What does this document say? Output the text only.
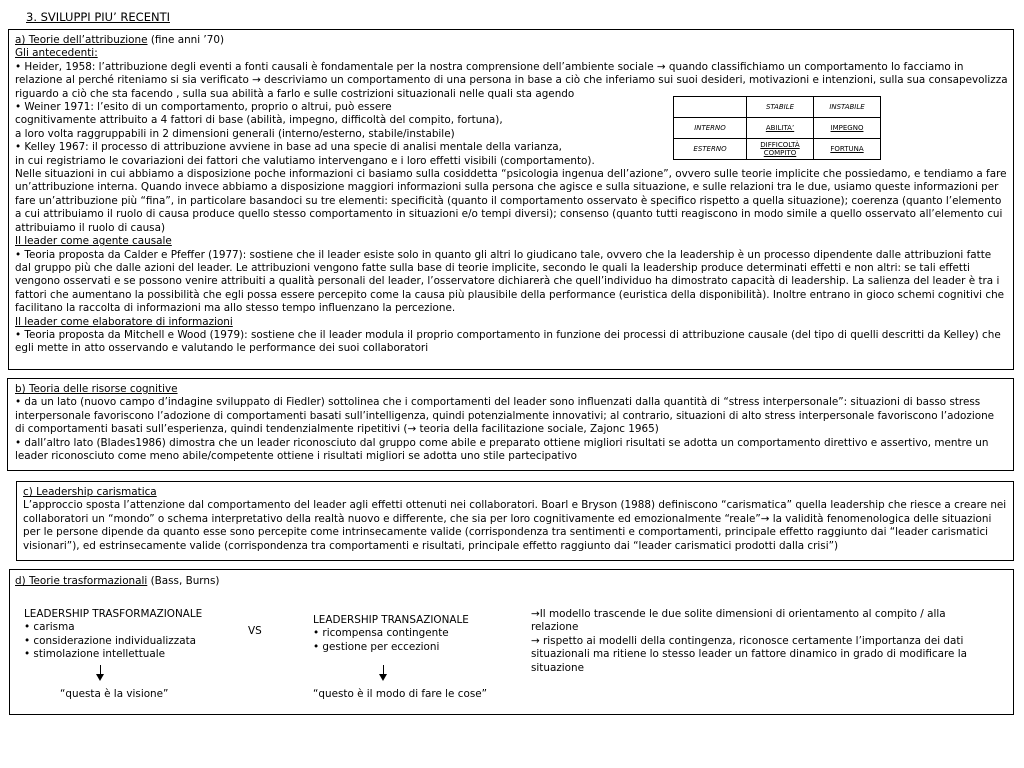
3. SVILUPPI PIU’ RECENTI

a) Teorie dell’attribuzione (fine anni ’70)

Gli antecedenti:

• Heider, 1958: l’attribuzione degli eventi a fonti causali è fondamentale per la nostra comprensione dell’ambiente sociale → quando classifichiamo un comportamento lo facciamo in

relazione al perché riteniamo si sia verificato → descriviamo un comportamento di una persona in base a ciò che inferiamo sui suoi desideri, motivazioni e intenzioni, sulla sua consapevolizza

riguardo a ciò che sta facendo , sulla sua abilità a farlo e sulle costrizioni situazionali nelle quali sta agendo

• Weiner 1971: l’esito di un comportamento, proprio o altrui, può essere

cognitivamente attribuito a 4 fattori di base (abilità, impegno, difficoltà del compito, fortuna),

a loro volta raggruppabili in 2 dimensioni generali (interno/esterno, stabile/instabile)

• Kelley 1967: il processo di attribuzione avviene in base ad una specie di analisi mentale della varianza,

in cui registriamo le covariazioni dei fattori che valutiamo intervengano e i loro effetti visibili (comportamento).

Nelle situazioni in cui abbiamo a disposizione poche informazioni ci basiamo sulla cosiddetta “psicologia ingenua dell’azione”, ovvero sulle teorie implicite che possiedamo, e tendiamo a fare un’attribuzione interna. Quando invece abbiamo a disposizione maggiori informazioni sulla persona che agisce e sulla situazione, e sulle relazioni tra le due, usiamo queste informazioni per fare un’attribuzione più “fina”, in particolare basandoci su tre elementi: specificità (quanto il comportamento osservato è specifico rispetto a quella situazione); coerenza (quanto l’elemento a cui attribuiamo il ruolo di causa produce quello stesso comportamento in situazioni e/o tempi diversi); consenso (quanto tutti reagiscono in modo simile a quello osservato all’elemento cui attribuiamo il ruolo di causa)

Il leader come agente causale

• Teoria proposta da Calder e Pfeffer (1977): sostiene che il leader esiste solo in quanto gli altri lo giudicano tale, ovvero che la leadership è un processo dipendente dalle attribuzioni fatte dal gruppo più che dalle azioni del leader. Le attribuzioni vengono fatte sulla base di teorie implicite, secondo le quali la leadership produce determinati effetti e non altri: se tali effetti vengono osservati e se possono venire attribuiti a qualità personali del leader, l’osservatore dichiarerà che quell’individuo ha dimostrato capacità di leadership. La salienza del leader è tra i fattori che aumentano la possibilità che egli possa essere percepito come la causa più plausibile della performance (euristica della disponibilità). Inoltre entrano in gioco schemi cognitivi che facilitano la raccolta di informazioni ma allo stesso tempo influenzano la percezione.

Il leader come elaboratore di informazioni

• Teoria proposta da Mitchell e Wood (1979): sostiene che il leader modula il proprio comportamento in funzione dei processi di attribuzione causale (del tipo di quelli descritti da Kelley) che egli mette in atto osservando e valutando le performance dei suoi collaboratori

	STABILE	INSTABILE
INTERNO	ABILITA’	IMPEGNO
ESTERNO	DIFFICOLTÀ COMPITO	FORTUNA

b) Teoria delle risorse cognitive

• da un lato (nuovo campo d’indagine sviluppato di Fiedler) sottolinea che i comportamenti del leader sono influenzati dalla quantità di “stress interpersonale”: situazioni di basso stress interpersonale favoriscono l’adozione di comportamenti basati sull’intelligenza, quindi potenzialmente innovativi; al contrario, situazioni di alto stress interpersonale favoriscono l’adozione di comportamenti basati sull’esperienza, quindi tendenzialmente ripetitivi (→ teoria della facilitazione sociale, Zajonc 1965)

• dall’altro lato (Blades1986) dimostra che un leader riconosciuto dal gruppo come abile e preparato ottiene migliori risultati se adotta un comportamento direttivo e assertivo, mentre un leader riconosciuto come meno abile/competente ottiene i risultati migliori se adotta uno stile partecipativo

c) Leadership carismatica

L’approccio sposta l’attenzione dal comportamento del leader agli effetti ottenuti nei collaboratori. Boarl e Bryson (1988) definiscono “carismatica” quella leadership che riesce a creare nei collaboratori un “mondo” o schema interpretativo della realtà nuovo e differente, che sia per loro cognitivamente ed emozionalmente “reale”→ la validità fenomenologica delle situazioni per le persone dipende da quanto esse sono percepite come intrinsecamente valide (corrispondenza tra sentimenti e comportamenti, principale effetto raggiunto dai “leader carismatici visionari”), ed estrinsecamente valide (corrispondenza tra comportamenti e risultati, principale effetto raggiunto dai “leader carismatici prodotti dalla crisi”)

d) Teorie trasformazionali (Bass, Burns)

LEADERSHIP TRASFORMAZIONALE

• carisma

• considerazione individualizzata

• stimolazione intellettuale

“questa è la visione”

VS

LEADERSHIP TRANSAZIONALE

• ricompensa contingente

• gestione per eccezioni

“questo è il modo di fare le cose”

→Il modello trascende le due solite dimensioni di orientamento al compito / alla relazione

→ rispetto ai modelli della contingenza, riconosce certamente l’importanza dei dati situazionali ma ritiene lo stesso leader un fattore dinamico in grado di modificare la situazione
